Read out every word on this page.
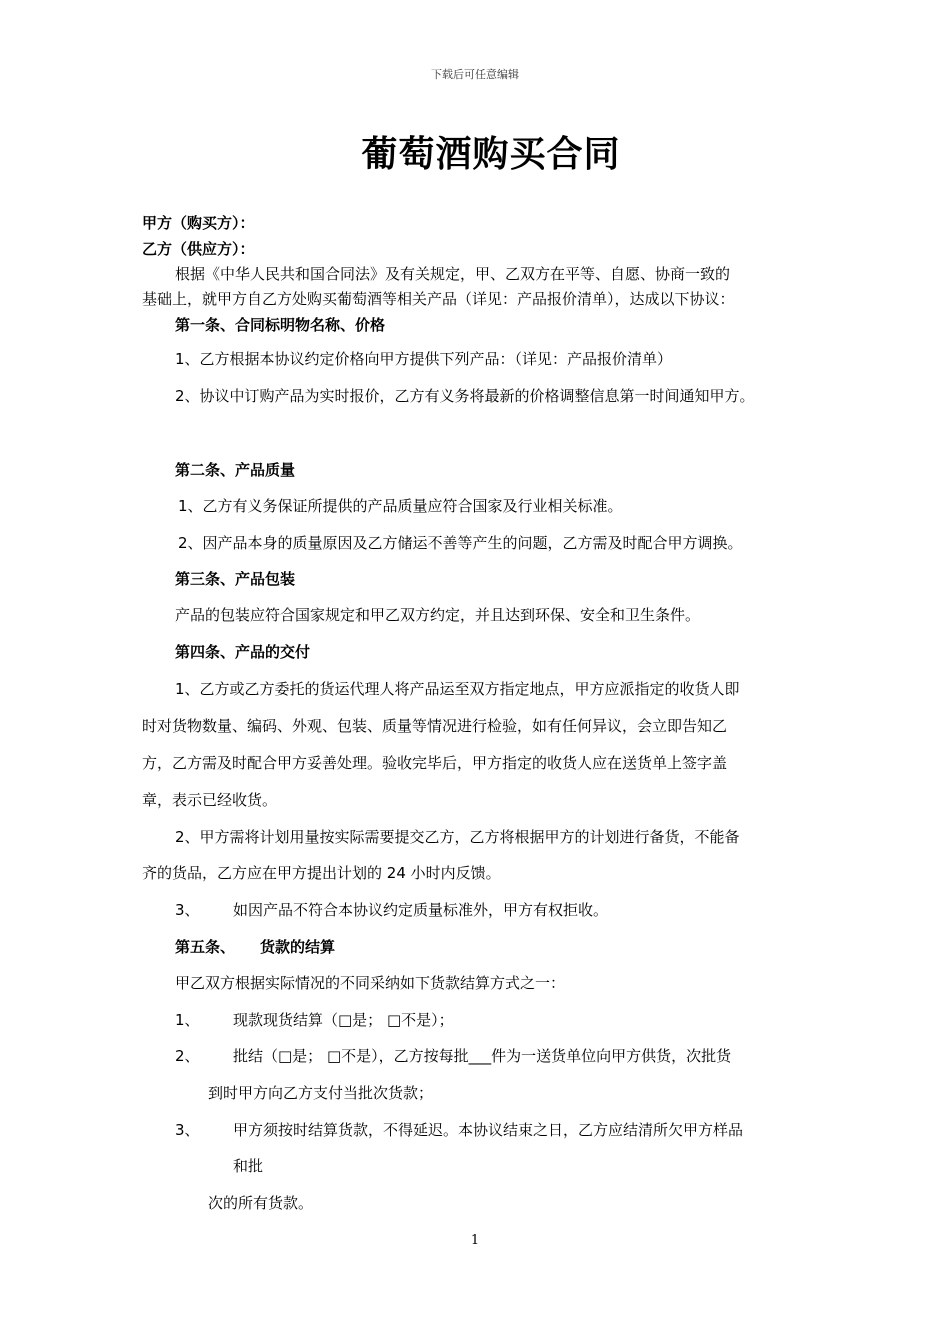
下载后可任意编辑
葡萄酒购买合同
甲方（购买方）：
乙方（供应方）：
根据《中华人民共和国合同法》及有关规定，甲、乙双方在平等、自愿、协商一致的
基础上，就甲方自乙方处购买葡萄酒等相关产品（详见：产品报价清单），达成以下协议：
第一条、合同标明物名称、价格
1、乙方根据本协议约定价格向甲方提供下列产品：（详见：产品报价清单）
2、协议中订购产品为实时报价，乙方有义务将最新的价格调整信息第一时间通知甲方。
第二条、产品质量
1、乙方有义务保证所提供的产品质量应符合国家及行业相关标准。
2、因产品本身的质量原因及乙方储运不善等产生的问题，乙方需及时配合甲方调换。
第三条、产品包装
产品的包装应符合国家规定和甲乙双方约定，并且达到环保、安全和卫生条件。
第四条、产品的交付
1、乙方或乙方委托的货运代理人将产品运至双方指定地点，甲方应派指定的收货人即
时对货物数量、编码、外观、包装、质量等情况进行检验，如有任何异议，会立即告知乙
方，乙方需及时配合甲方妥善处理。验收完毕后，甲方指定的收货人应在送货单上签字盖
章，表示已经收货。
2、甲方需将计划用量按实际需要提交乙方，乙方将根据甲方的计划进行备货，不能备
齐的货品，乙方应在甲方提出计划的 24 小时内反馈。
3、 如因产品不符合本协议约定质量标准外，甲方有权拒收。
第五条、 货款的结算
甲乙双方根据实际情况的不同采纳如下货款结算方式之一：
1、 现款现货结算（□是； □不是）；
2、 批结（□是； □不是），乙方按每批___件为一送货单位向甲方供货，次批货
到时甲方向乙方支付当批次货款；
3、 甲方须按时结算货款，不得延迟。本协议结束之日，乙方应结清所欠甲方样品
和批
次的所有货款。
1
